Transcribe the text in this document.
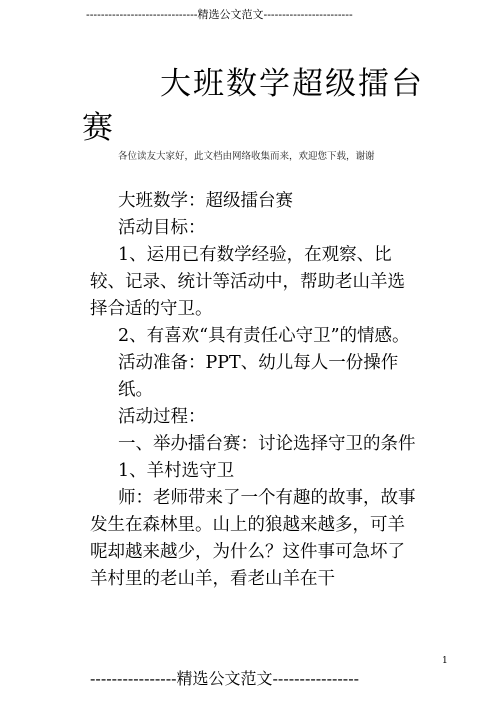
------------------------------精选公文范文------------------------
大班数学超级擂台
赛
各位读友大家好，此文档由网络收集而来，欢迎您下载，谢谢

大班数学：超级擂台赛

活动目标：

1、运用已有数学经验，在观察、比较、记录、统计等活动中，帮助老山羊选择合适的守卫。

2、有喜欢“具有责任心守卫”的情感。

活动准备：PPT、幼儿每人一份操作纸。

活动过程：

一、举办擂台赛：讨论选择守卫的条件

1、羊村选守卫

师：老师带来了一个有趣的故事，故事发生在森林里。山上的狼越来越多，可羊呢却越来越少，为什么？这件事可急坏了羊村里的老山羊，看老山羊在干

1
----------------精选公文范文----------------
